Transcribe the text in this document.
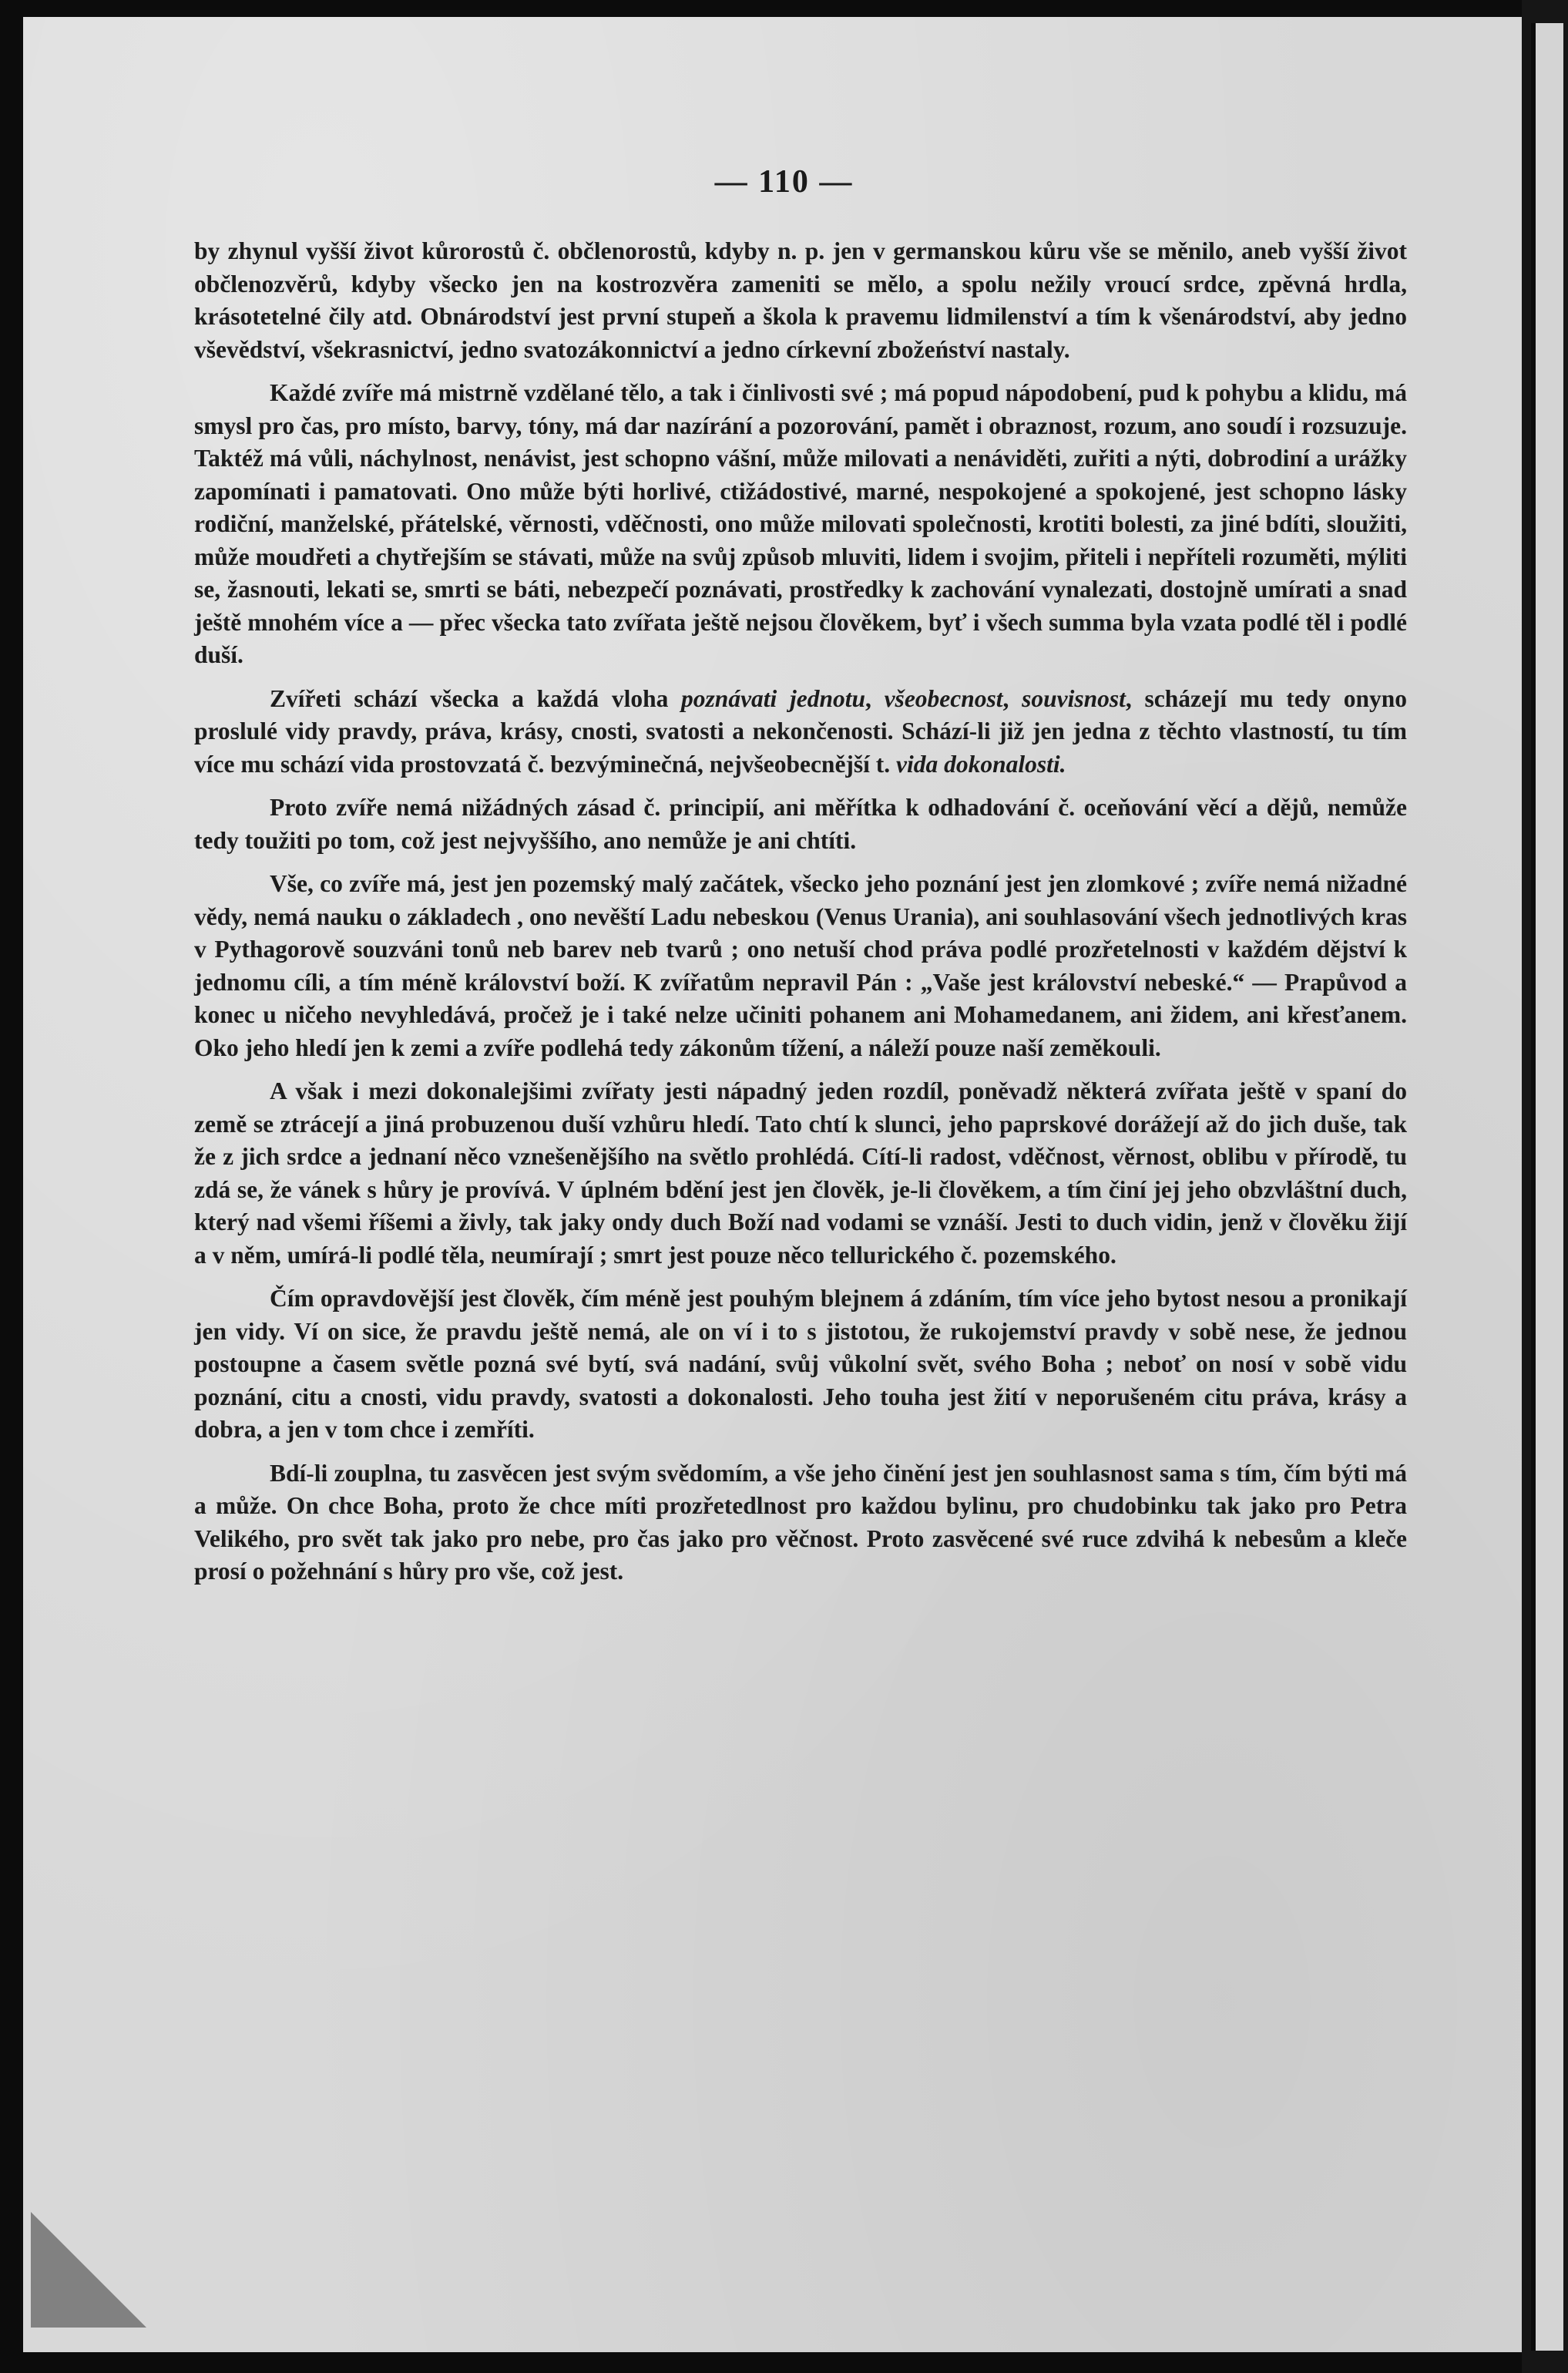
— 110 —

by zhynul vyšší život kůrorostů č. občlenorostů, kdyby n. p. jen v germanskou kůru vše se měnilo, aneb vyšší život občlenozvěrů, kdyby všecko jen na kostrozvěra zameniti se mělo, a spolu nežily vroucí srdce, zpěvná hrdla, krásotetelné čily atd. Obnárodství jest první stupeň a škola k pravemu lidmilenství a tím k všenárodství, aby jedno vševědství, všekrasnictví, jedno svatozákonnictví a jedno církevní zbožeńství nastaly.

Každé zvíře má mistrně vzdělané tělo, a tak i činlivosti své ; má popud nápodobení, pud k pohybu a klidu, má smysl pro čas, pro místo, barvy, tóny, má dar nazírání a pozorování, pamět i obraznost, rozum, ano soudí i rozsuzuje. Taktéž má vůli, náchylnost, nenávist, jest schopno vášní, může milovati a nenáviděti, zuřiti a nýti, dobrodiní a urážky zapomínati i pamatovati. Ono může býti horlivé, ctižádostivé, marné, nespokojené a spokojené, jest schopno lásky rodiční, manželské, přátelské, věrnosti, vděčnosti, ono může milovati společnosti, krotiti bolesti, za jiné bdíti, sloužiti, může moudřeti a chytřejším se stávati, může na svůj způsob mluviti, lidem i svojim, přiteli i nepříteli rozuměti, mýliti se, žasnouti, lekati se, smrti se báti, nebezpečí poznávati, prostředky k zachování vynalezati, dostojně umírati a snad ještě mnohém více a — přec všecka tato zvířata ještě nejsou člověkem, byť i všech summa byla vzata podlé těl i podlé duší.

Zvířeti schází všecka a každá vloha poznávati jednotu, všeobecnost, souvisnost, scházejí mu tedy onyno proslulé vidy pravdy, práva, krásy, cnosti, svatosti a nekončenosti. Schází-li již jen jedna z těchto vlastností, tu tím více mu schází vida prostovzatá č. bezvýminečná, nejvšeobecnější t. vida dokonalosti.

Proto zvíře nemá nižádných zásad č. principií, ani měřítka k odhadování č. oceňování věcí a dějů, nemůže tedy toužiti po tom, což jest nejvyššího, ano nemůže je ani chtíti.

Vše, co zvíře má, jest jen pozemský malý začátek, všecko jeho poznání jest jen zlomkové ; zvíře nemá nižadné vědy, nemá nauku o základech , ono nevěští Ladu nebeskou (Venus Urania), ani souhlasování všech jednotlivých kras v Pythagorově souzváni tonů neb barev neb tvarů ; ono netuší chod práva podlé prozřetelnosti v každém dějství k jednomu cíli, a tím méně království boží. K zvířatům nepravil Pán : „Vaše jest království nebeské.“ — Prapůvod a konec u ničeho nevyhledává, pročež je i také nelze učiniti pohanem ani Mohamedanem, ani židem, ani křesťanem. Oko jeho hledí jen k zemi a zvíře podlehá tedy zákonům tížení, a náleží pouze naší zeměkouli.

A však i mezi dokonalejšimi zvířaty jesti nápadný jeden rozdíl, poněvadž některá zvířata ještě v spaní do země se ztrácejí a jiná probuzenou duší vzhůru hledí. Tato chtí k slunci, jeho paprskové dorážejí až do jich duše, tak že z jich srdce a jednaní něco vznešenějšího na světlo prohlédá. Cítí-li radost, vděčnost, věrnost, oblibu v přírodě, tu zdá se, že vánek s hůry je provívá. V úplném bdění jest jen člověk, je-li člověkem, a tím činí jej jeho obzvláštní duch, který nad všemi říšemi a živly, tak jaky ondy duch Boží nad vodami se vznáší. Jesti to duch vidin, jenž v člověku žijí a v něm, umírá-li podlé těla, neumírají ; smrt jest pouze něco tellurického č. pozemského.

Čím opravdovější jest člověk, čím méně jest pouhým blejnem á zdáním, tím více jeho bytost nesou a pronikají jen vidy. Ví on sice, že pravdu ještě nemá, ale on ví i to s jistotou, že rukojemství pravdy v sobě nese, že jednou postoupne a časem světle pozná své bytí, svá nadání, svůj vůkolní svět, svého Boha ; neboť on nosí v sobě vidu poznání, citu a cnosti, vidu pravdy, svatosti a dokonalosti. Jeho touha jest žití v neporušeném citu práva, krásy a dobra, a jen v tom chce i zemříti.

Bdí-li zouplna, tu zasvěcen jest svým svědomím, a vše jeho činění jest jen souhlasnost sama s tím, čím býti má a může. On chce Boha, proto že chce míti prozřetedlnost pro každou bylinu, pro chudobinku tak jako pro Petra Velikého, pro svět tak jako pro nebe, pro čas jako pro věčnost. Proto zasvěcené své ruce zdvihá k nebesům a kleče prosí o požehnání s hůry pro vše, což jest.
